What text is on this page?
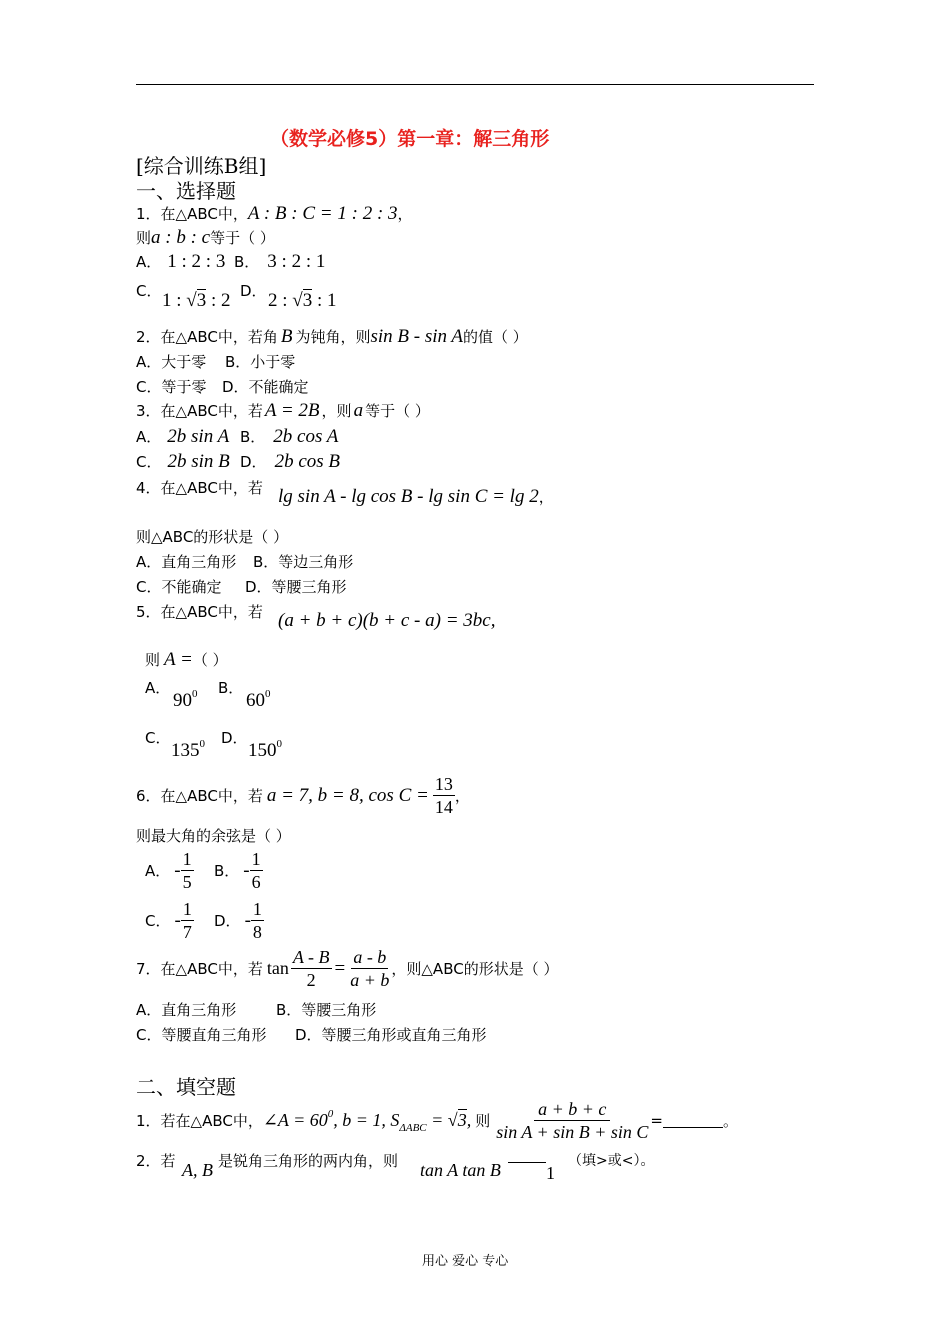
（数学必修5）第一章：解三角形
[综合训练B组]
一、选择题
1．在△ABC中，A : B : C = 1 : 2 : 3，
则a : b : c等于（ ）
A． 1 : 2 : 3 B． 3 : 2 : 1
C． 1 : √3 : 2 D． 2 : √3 : 1
2．在△ABC中，若角 B 为钝角，则sin B - sin A的值（ ）
A．大于零 B．小于零
C．等于零 D．不能确定
3．在△ABC中，若 A = 2B ，则 a 等于（ ）
A． 2b sin A B． 2b cos A
C． 2b sin B D． 2b cos B
4．在△ABC中，若 lg sin A - lg cos B - lg sin C = lg 2，
则△ABC的形状是（ ）
A．直角三角形 B．等边三角形
C．不能确定 D．等腰三角形
5．在△ABC中，若 (a + b + c)(b + c - a) = 3bc,
则 A =（ ）
A．
$90^0$ B．
$60^0$
C．
$135^0$ D．
$150^0$
6．在△ABC中，若 a = 7, b = 8, $\cos C = \frac{13}{14}$ ，
则最大角的余弦是（ ）
A． - $\frac{1}{5}$ B． - $\frac{1}{6}$
C． - $\frac{1}{7}$ D． - $\frac{1}{8}$
7．在△ABC中，若 $\tan \frac{A - B}{2} = \frac{a - b}{a + b}$ ，则△ABC的形状是（ ）
A．直角三角形	B．等腰三角形
C．等腰直角三角形 D．等腰三角形或直角三角形
二、填空题
1．若在△ABC中，∠A = $60^0$, b = 1, $S_{\Delta ABC} = √3$, 则 $\frac{a + b + c}{\text{sin A + sin B + sin C}}$ =	。
2．若 A, B 是锐角三角形的两内角，则 tan A tan B	1
（填>或<）。
用心 爱心 专心
